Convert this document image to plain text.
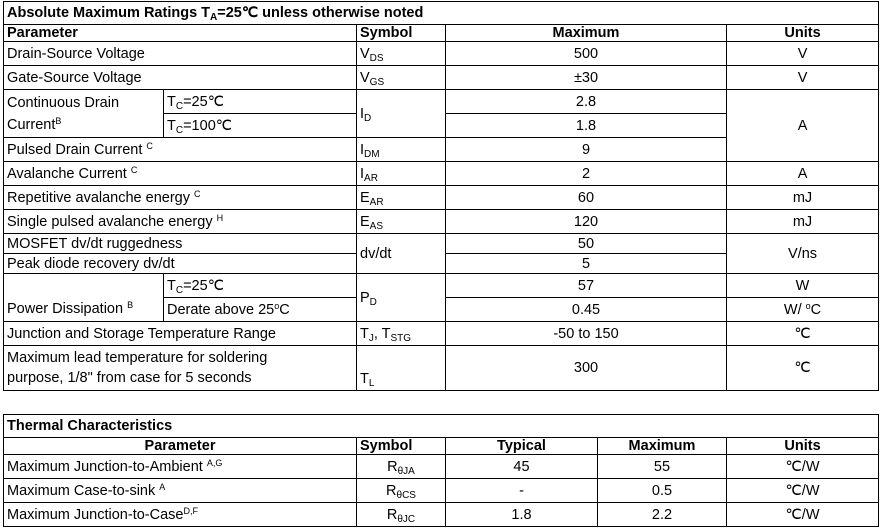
Absolute Maximum Ratings $T_A=25℃$ unless otherwise noted				
Parameter		Symbol	Maximum	Units
Drain-Source Voltage		$V_{DS}$	500	V
Gate-Source Voltage		$V_{GS}$	±30	V
Continuous Drain
Current$^B$	$T_C=25℃$	$I_D$	2.8	A
	$T_C=100℃$		1.8	
Pulsed Drain Current $^C$		$I_{DM}$	9	
Avalanche Current $^C$		$I_{AR}$	2	A
Repetitive avalanche energy $^C$		$E_{AR}$	60	mJ
Single pulsed avalanche energy $^H$		$E_{AS}$	120	mJ
MOSFET dv/dt ruggedness		dv/dt	50	V/ns
Peak diode recovery dv/dt			5	
Power Dissipation $^B$	$T_C=25℃$	$P_D$	57	W
	Derate above 25$^o$C		0.45	W/ $^o$C
Junction and Storage Temperature Range		$T_J$, $T_{STG}$	-50 to 150	℃
Maximum lead temperature for soldering
purpose, 1/8" from case for 5 seconds		$T_L$	300	℃
Thermal Characteristics				
Parameter	Symbol	Typical	Maximum	Units
Maximum Junction-to-Ambient $^{A,G}$	$R_{\theta JA}$	45	55	℃/W
Maximum Case-to-sink $^A$	$R_{\theta CS}$	-	0.5	℃/W
Maximum Junction-to-Case$^{D,F}$	$R_{\theta JC}$	1.8	2.2	℃/W
